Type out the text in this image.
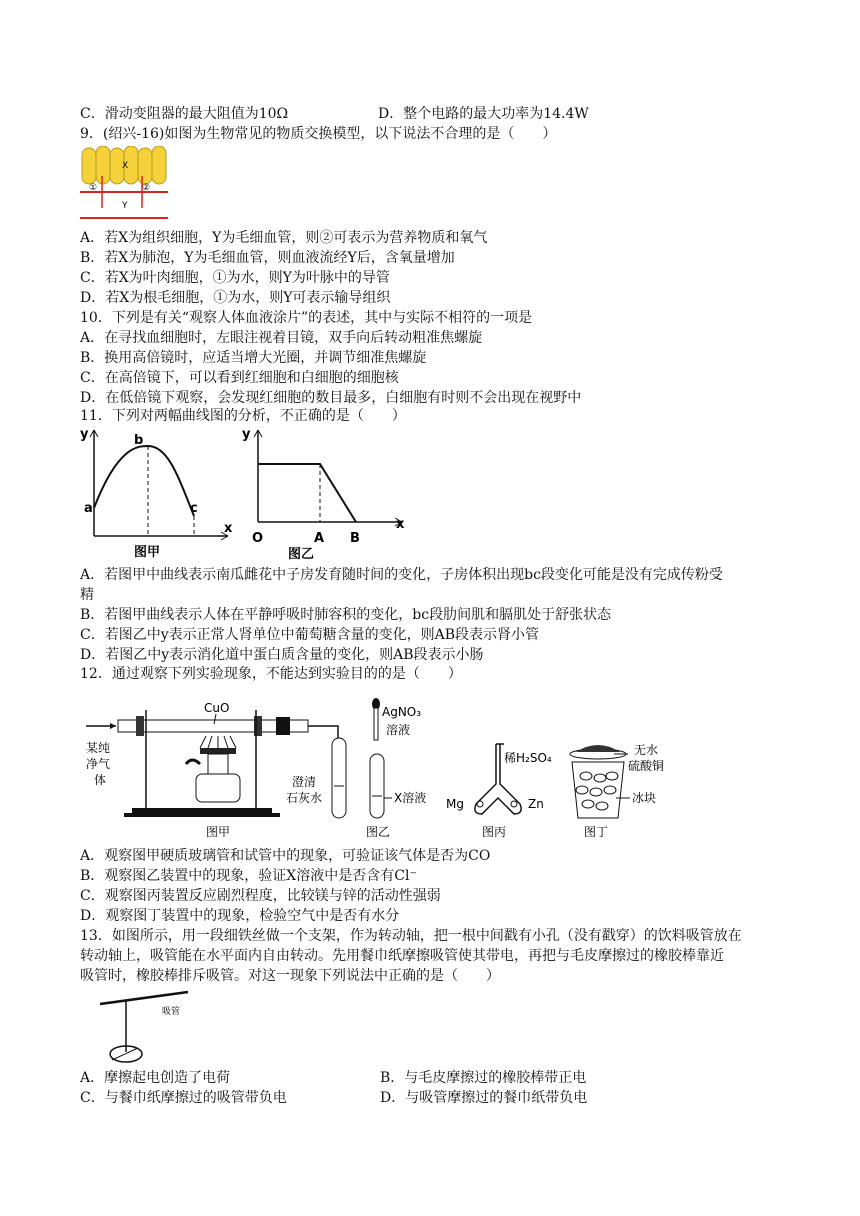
C．滑动变阻器的最大阻值为10Ω	D．整个电路的最大功率为14.4W
9．(绍兴-16)如图为生物常见的物质交换模型，以下说法不合理的是（　　）
X
①	②
Y
A．若X为组织细胞，Y为毛细血管，则②可表示为营养物质和氧气
B．若X为肺泡，Y为毛细血管，则血液流经Y后，含氧量增加
C．若X为叶肉细胞，①为水，则Y为叶脉中的导管
D．若X为根毛细胞，①为水，则Y可表示输导组织
10．下列是有关“观察人体血液涂片”的表述，其中与实际不相符的一项是
A．在寻找血细胞时，左眼注视着目镜，双手向后转动粗准焦螺旋
B．换用高倍镜时，应适当增大光圈，并调节细准焦螺旋
C．在高倍镜下，可以看到红细胞和白细胞的细胞核
D．在低倍镜下观察，会发现红细胞的数目最多，白细胞有时则不会出现在视野中
11．下列对两幅曲线图的分析，不正确的是（　　）
y
x
a
b
c
图甲
y
x
O	A B
图乙
A．若图甲中曲线表示南瓜雌花中子房发育随时间的变化，子房体积出现bc段变化可能是没有完成传粉受
精
B．若图甲曲线表示人体在平静呼吸时肺容积的变化，bc段肋间肌和膈肌处于舒张状态
C．若图乙中y表示正常人肾单位中葡萄糖含量的变化，则AB段表示肾小管
D．若图乙中y表示消化道中蛋白质含量的变化，则AB段表示小肠
12．通过观察下列实验现象，不能达到实验目的的是（　　）
某纯
净气
体
CuO
澄清
石灰水
图甲
AgNO₃
溶液
X溶液
图乙
稀H₂SO₄
Mg	Zn
图丙
无水
硫酸铜
冰块
图丁
A．观察图甲硬质玻璃管和试管中的现象，可验证该气体是否为CO
B．观察图乙装置中的现象，验证X溶液中是否含有Cl⁻
C．观察图丙装置反应剧烈程度，比较镁与锌的活动性强弱
D．观察图丁装置中的现象，检验空气中是否有水分
13．如图所示，用一段细铁丝做一个支架，作为转动轴，把一根中间戳有小孔（没有戳穿）的饮料吸管放在
转动轴上，吸管能在水平面内自由转动。先用餐巾纸摩擦吸管使其带电，再把与毛皮摩擦过的橡胶棒靠近
吸管时，橡胶棒排斥吸管。对这一现象下列说法中正确的是（　　）
吸管
A．摩擦起电创造了电荷	B．与毛皮摩擦过的橡胶棒带正电
C．与餐巾纸摩擦过的吸管带负电	D．与吸管摩擦过的餐巾纸带负电
